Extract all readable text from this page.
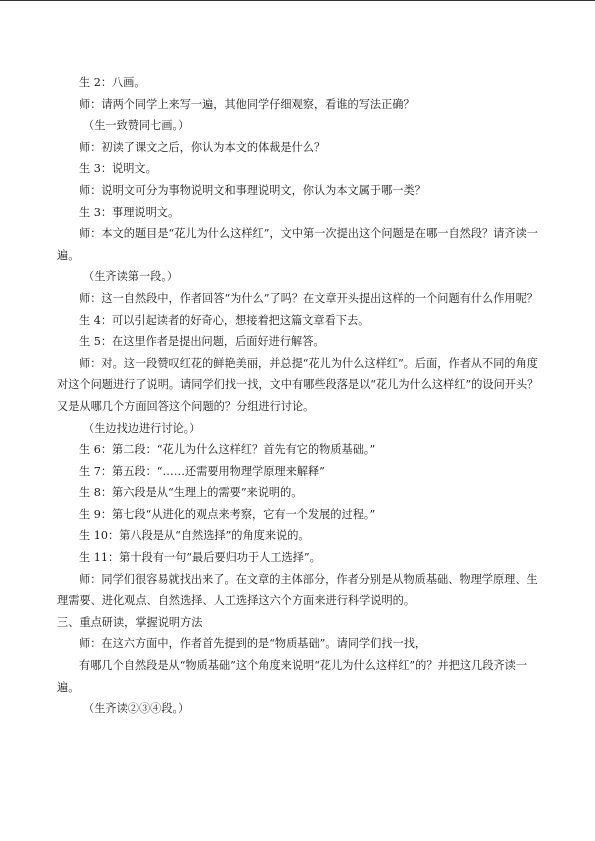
生 2：八画。

师：请两个同学上来写一遍，其他同学仔细观察，看谁的写法正确？

（生一致赞同七画。）

师：初读了课文之后，你认为本文的体裁是什么？

生 3：说明文。

师：说明文可分为事物说明文和事理说明文，你认为本文属于哪一类？

生 3：事理说明文。

师：本文的题目是“花儿为什么这样红”，文中第一次提出这个问题是在哪一自然段？请齐读一遍。

（生齐读第一段。）

师：这一自然段中，作者回答“为什么”了吗？在文章开头提出这样的一个问题有什么作用呢？

生 4：可以引起读者的好奇心，想接着把这篇文章看下去。

生 5：在这里作者是提出问题，后面好进行解答。

师：对。这一段赞叹红花的鲜艳美丽，并总提“花儿为什么这样红”。后面，作者从不同的角度对这个问题进行了说明。请同学们找一找，文中有哪些段落是以“花儿为什么这样红”的设问开头？又是从哪几个方面回答这个问题的？分组进行讨论。

（生边找边进行讨论。）

生 6：第二段：“花儿为什么这样红？首先有它的物质基础。”

生 7：第五段：“……还需要用物理学原理来解释”

生 8：第六段是从“生理上的需要”来说明的。

生 9：第七段“从进化的观点来考察，它有一个发展的过程。”

生 10：第八段是从“自然选择”的角度来说的。

生 11：第十段有一句“最后要归功于人工选择”。

师：同学们很容易就找出来了。在文章的主体部分，作者分别是从物质基础、物理学原理、生理需要、进化观点、自然选择、人工选择这六个方面来进行科学说明的。

三、重点研读，掌握说明方法

师：在这六方面中，作者首先提到的是“物质基础”。请同学们找一找，

有哪几个自然段是从“物质基础”这个角度来说明“花儿为什么这样红”的？并把这几段齐读一遍。

（生齐读②③④段。）
